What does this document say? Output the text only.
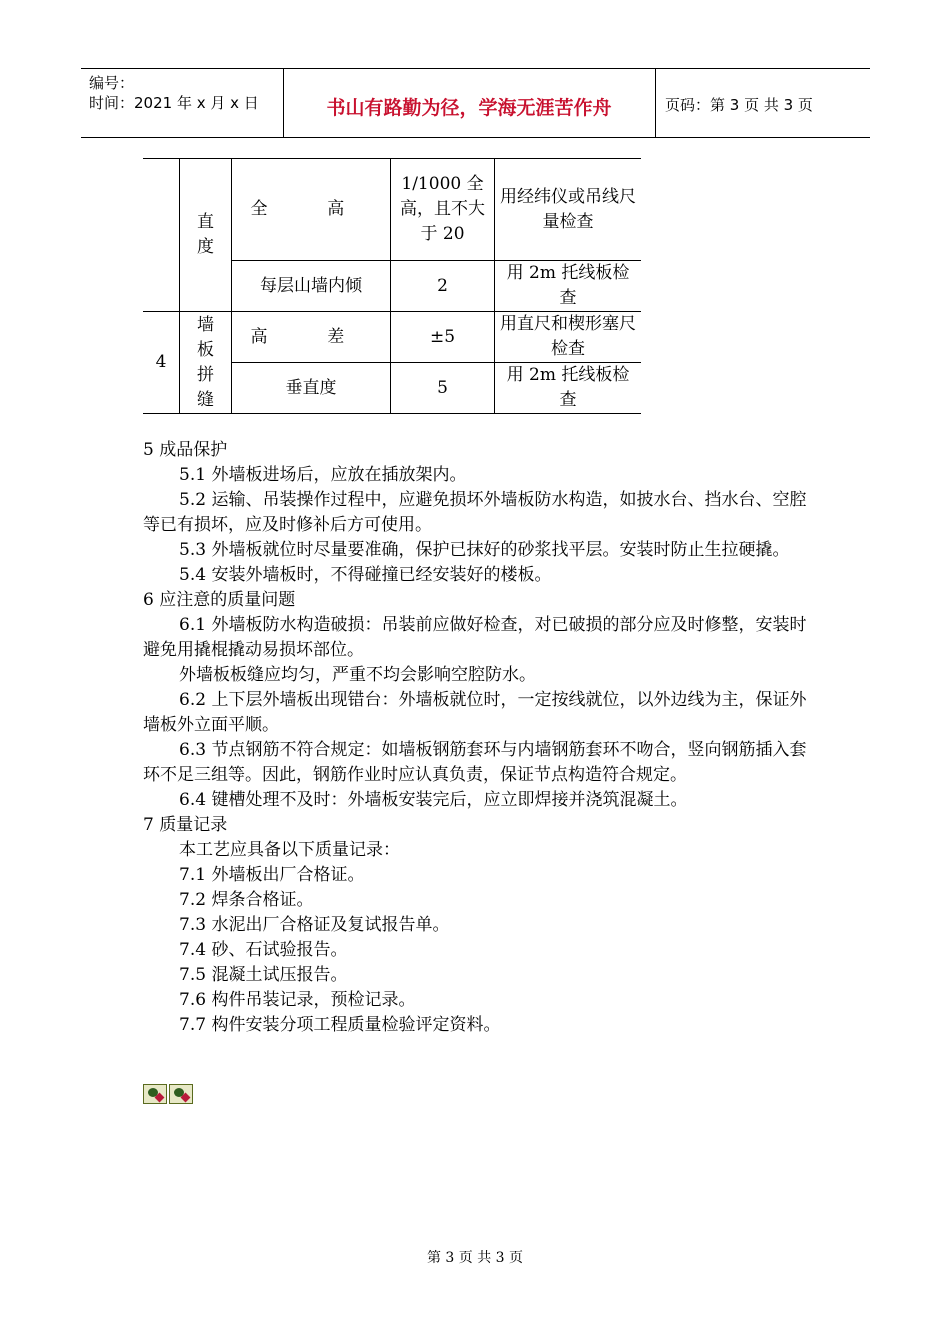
编号：
时间：2021 年 x 月 x 日	书山有路勤为径，学海无涯苦作舟	页码：第 3 页 共 3 页
	直度	全 高	1/1000 全高，且不大于 20	用经纬仪或吊线尺量检查
		每层山墙内倾	2	用 2m 托线板检查
4	墙板拼缝	高 差	±5	用直尺和楔形塞尺检查
		垂直度	5	用 2m 托线板检查

5 成品保护

5.1 外墙板进场后，应放在插放架内。

5.2 运输、吊装操作过程中，应避免损坏外墙板防水构造，如披水台、挡水台、空腔等已有损坏，应及时修补后方可使用。

5.3 外墙板就位时尽量要准确，保护已抹好的砂浆找平层。安装时防止生拉硬撬。

5.4 安装外墙板时，不得碰撞已经安装好的楼板。

6 应注意的质量问题

6.1 外墙板防水构造破损：吊装前应做好检查，对已破损的部分应及时修整，安装时避免用撬棍撬动易损坏部位。

外墙板板缝应均匀，严重不均会影响空腔防水。

6.2 上下层外墙板出现错台：外墙板就位时，一定按线就位，以外边线为主，保证外墙板外立面平顺。

6.3 节点钢筋不符合规定：如墙板钢筋套环与内墙钢筋套环不吻合，竖向钢筋插入套环不足三组等。因此，钢筋作业时应认真负责，保证节点构造符合规定。

6.4 键槽处理不及时：外墙板安装完后，应立即焊接并浇筑混凝土。

7 质量记录

本工艺应具备以下质量记录：

7.1 外墙板出厂合格证。

7.2 焊条合格证。

7.3 水泥出厂合格证及复试报告单。

7.4 砂、石试验报告。

7.5 混凝土试压报告。

7.6 构件吊装记录，预检记录。

7.7 构件安装分项工程质量检验评定资料。

第 3 页 共 3 页
